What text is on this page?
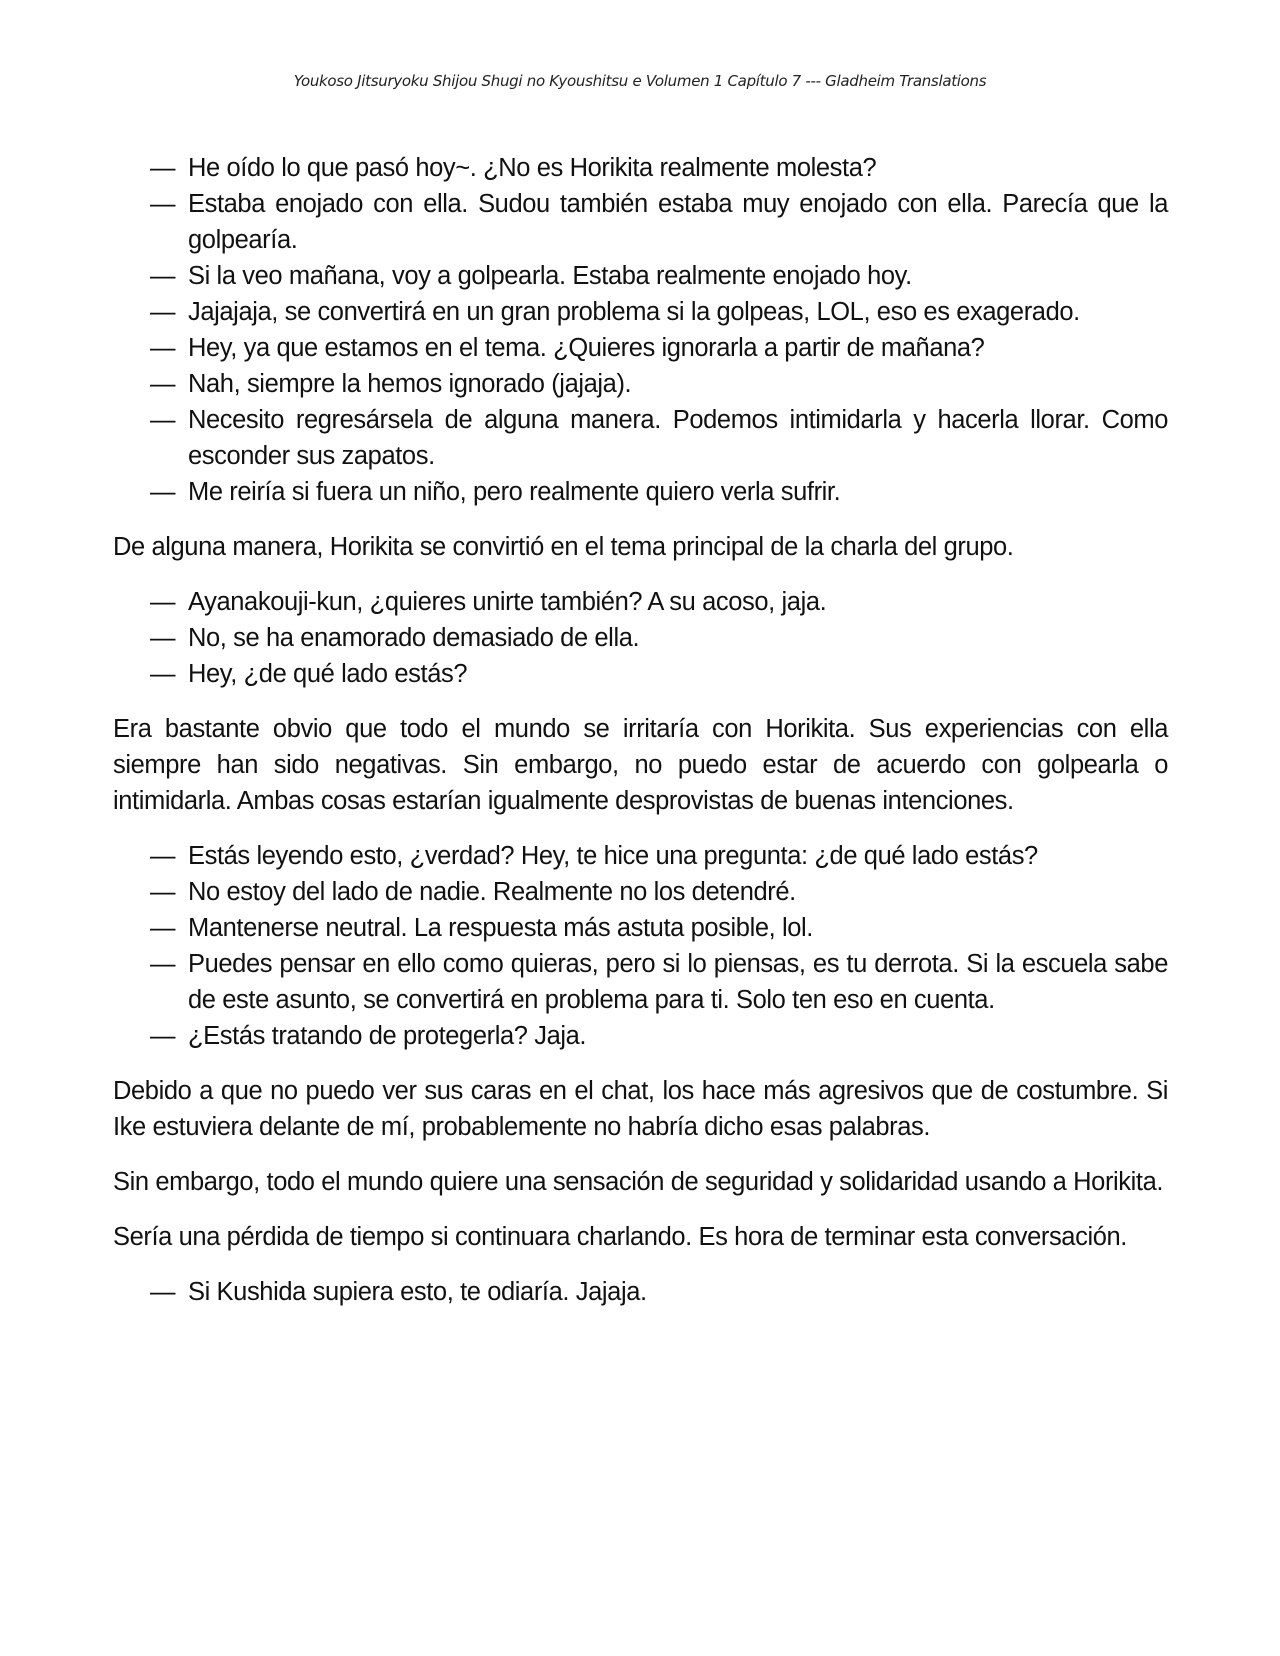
Youkoso Jitsuryoku Shijou Shugi no Kyoushitsu e Volumen 1 Capítulo 7 --- Gladheim Translations
— He oído lo que pasó hoy~. ¿No es Horikita realmente molesta?
— Estaba enojado con ella. Sudou también estaba muy enojado con ella. Parecía que la golpearía.
— Si la veo mañana, voy a golpearla. Estaba realmente enojado hoy.
— Jajajaja, se convertirá en un gran problema si la golpeas, LOL, eso es exagerado.
— Hey, ya que estamos en el tema. ¿Quieres ignorarla a partir de mañana?
— Nah, siempre la hemos ignorado (jajaja).
— Necesito regresársela de alguna manera. Podemos intimidarla y hacerla llorar. Como esconder sus zapatos.
— Me reiría si fuera un niño, pero realmente quiero verla sufrir.

De alguna manera, Horikita se convirtió en el tema principal de la charla del grupo.

— Ayanakouji-kun, ¿quieres unirte también? A su acoso, jaja.
— No, se ha enamorado demasiado de ella.
— Hey, ¿de qué lado estás?

Era bastante obvio que todo el mundo se irritaría con Horikita. Sus experiencias con ella siempre han sido negativas. Sin embargo, no puedo estar de acuerdo con golpearla o intimidarla. Ambas cosas estarían igualmente desprovistas de buenas intenciones.

— Estás leyendo esto, ¿verdad? Hey, te hice una pregunta: ¿de qué lado estás?
— No estoy del lado de nadie. Realmente no los detendré.
— Mantenerse neutral. La respuesta más astuta posible, lol.
— Puedes pensar en ello como quieras, pero si lo piensas, es tu derrota. Si la escuela sabe de este asunto, se convertirá en problema para ti. Solo ten eso en cuenta.
— ¿Estás tratando de protegerla? Jaja.

Debido a que no puedo ver sus caras en el chat, los hace más agresivos que de costumbre. Si Ike estuviera delante de mí, probablemente no habría dicho esas palabras.

Sin embargo, todo el mundo quiere una sensación de seguridad y solidaridad usando a Horikita.

Sería una pérdida de tiempo si continuara charlando. Es hora de terminar esta conversación.

— Si Kushida supiera esto, te odiaría. Jajaja.
